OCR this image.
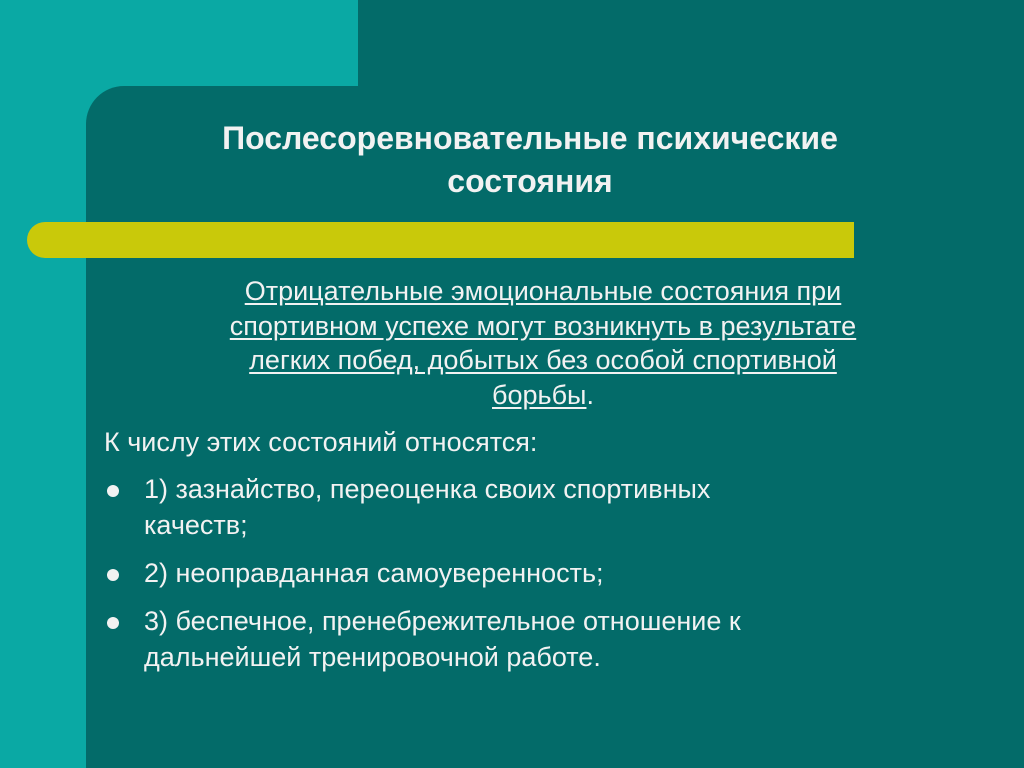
Послесоревновательные психические
состояния
Отрицательные эмоциональные состояния при
спортивном успехе могут возникнуть в результате
легких побед, добытых без особой спортивной
борьбы.
К числу этих состояний относятся:
1) зазнайство, переоценка своих спортивных
качеств;
2) неоправданная самоуверенность;
3) беспечное, пренебрежительное отношение к
дальнейшей тренировочной работе.
